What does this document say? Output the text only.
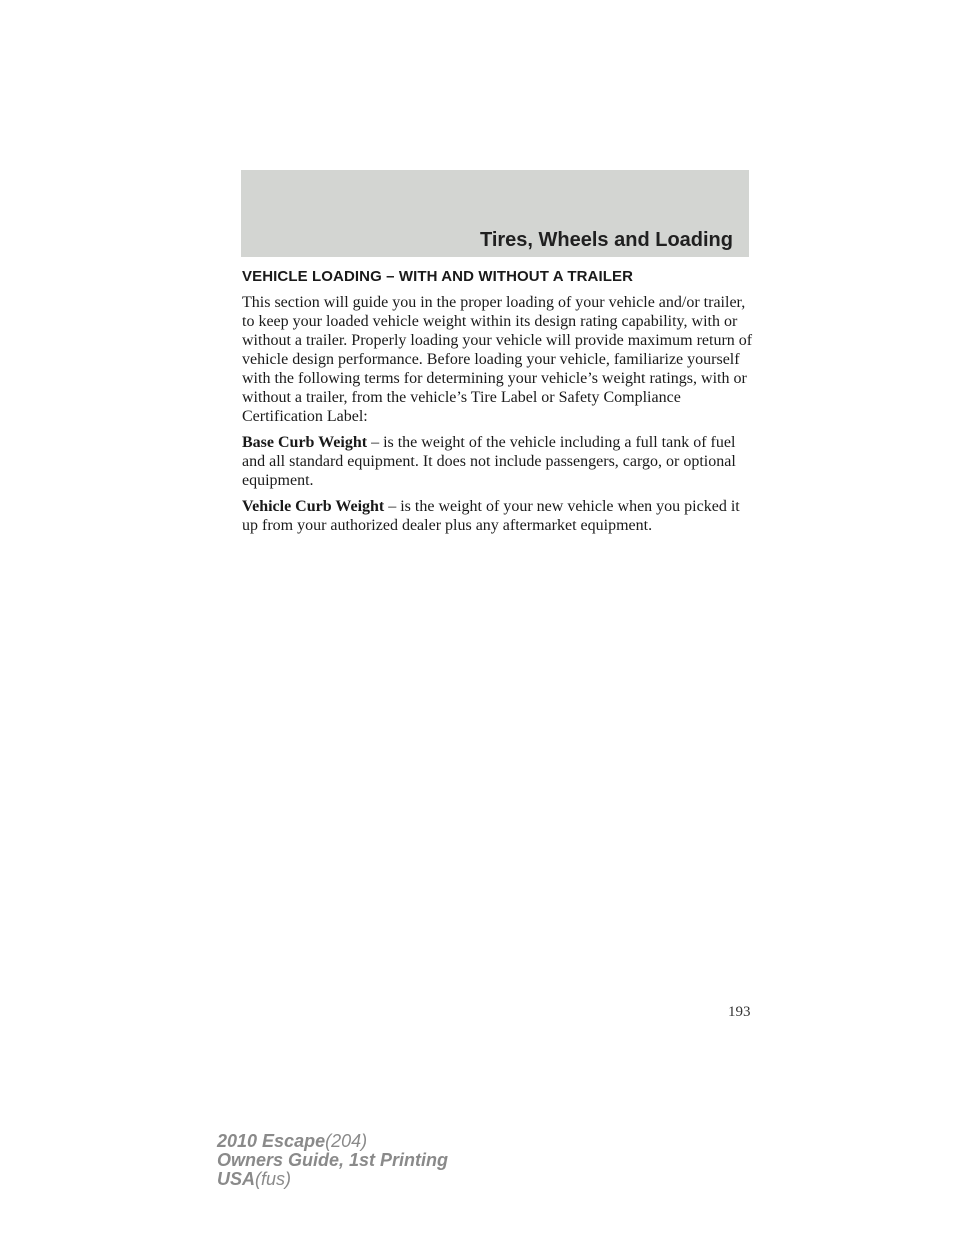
Tires, Wheels and Loading
VEHICLE LOADING – WITH AND WITHOUT A TRAILER

This section will guide you in the proper loading of your vehicle and/or trailer, to keep your loaded vehicle weight within its design rating capability, with or without a trailer. Properly loading your vehicle will provide maximum return of vehicle design performance. Before loading your vehicle, familiarize yourself with the following terms for determining your vehicle’s weight ratings, with or without a trailer, from the vehicle’s Tire Label or Safety Compliance Certification Label:

Base Curb Weight – is the weight of the vehicle including a full tank of fuel and all standard equipment. It does not include passengers, cargo, or optional equipment.

Vehicle Curb Weight – is the weight of your new vehicle when you picked it up from your authorized dealer plus any aftermarket equipment.

193
2010 Escape(204)
Owners Guide, 1st Printing
USA(fus)
